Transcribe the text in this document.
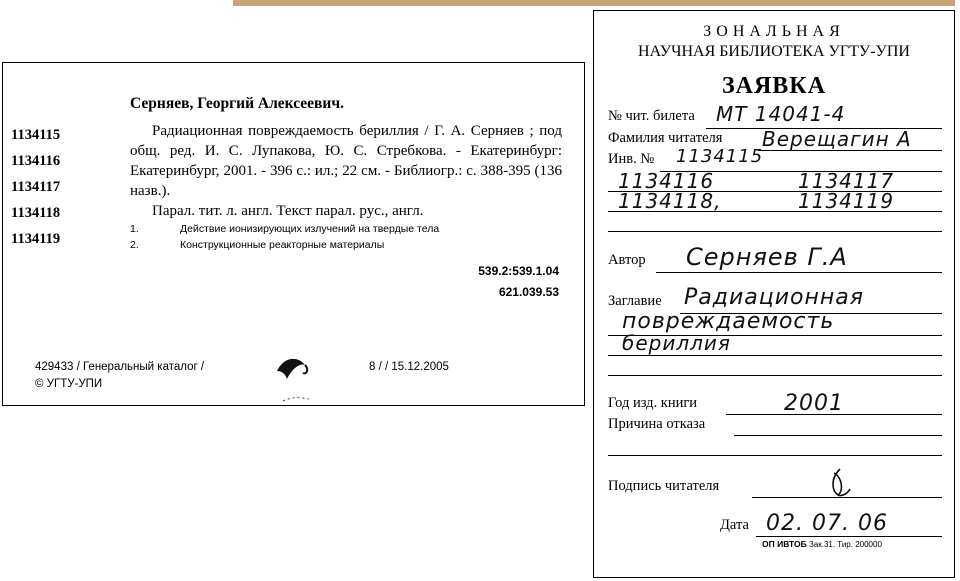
Серняев, Георгий Алексеевич.
1134115
1134116
1134117
1134118
1134119

Радиационная повреждаемость бериллия / Г. А. Серняев ; под общ. ред. И. С. Лупакова, Ю. С. Стребкова. - Екатеринбург: Екатеринбург, 2001. - 396 с.: ил.; 22 см. - Библиогр.: с. 388-395 (136 назв.).

Парал. тит. л. англ. Текст парал. рус., англ.
1.	Действие ионизирующих излучений на твердые тела
2.	Конструкционные реакторные материалы
539.2:539.1.04
621.039.53
429433 / Генеральный каталог /
© УГТУ-УПИ
8 / / 15.12.2005
ЗОНАЛЬНАЯ
НАУЧНАЯ БИБЛИОТЕКА УГТУ-УПИ
ЗАЯВКА
№ чит. билета МТ 14041-4
Фамилия читателя Верещагин А
Инв. № 1134115
1134116	1134117
1134118,	1134119
Автор Серняев Г.А
Заглавие Радиационная
повреждаемость
бериллия
Год изд. книги	2001
Причина отказа
Подпись читателя
Дата 02. 07. 06
ОП ИВТОБ Зак.31. Тир. 200000
